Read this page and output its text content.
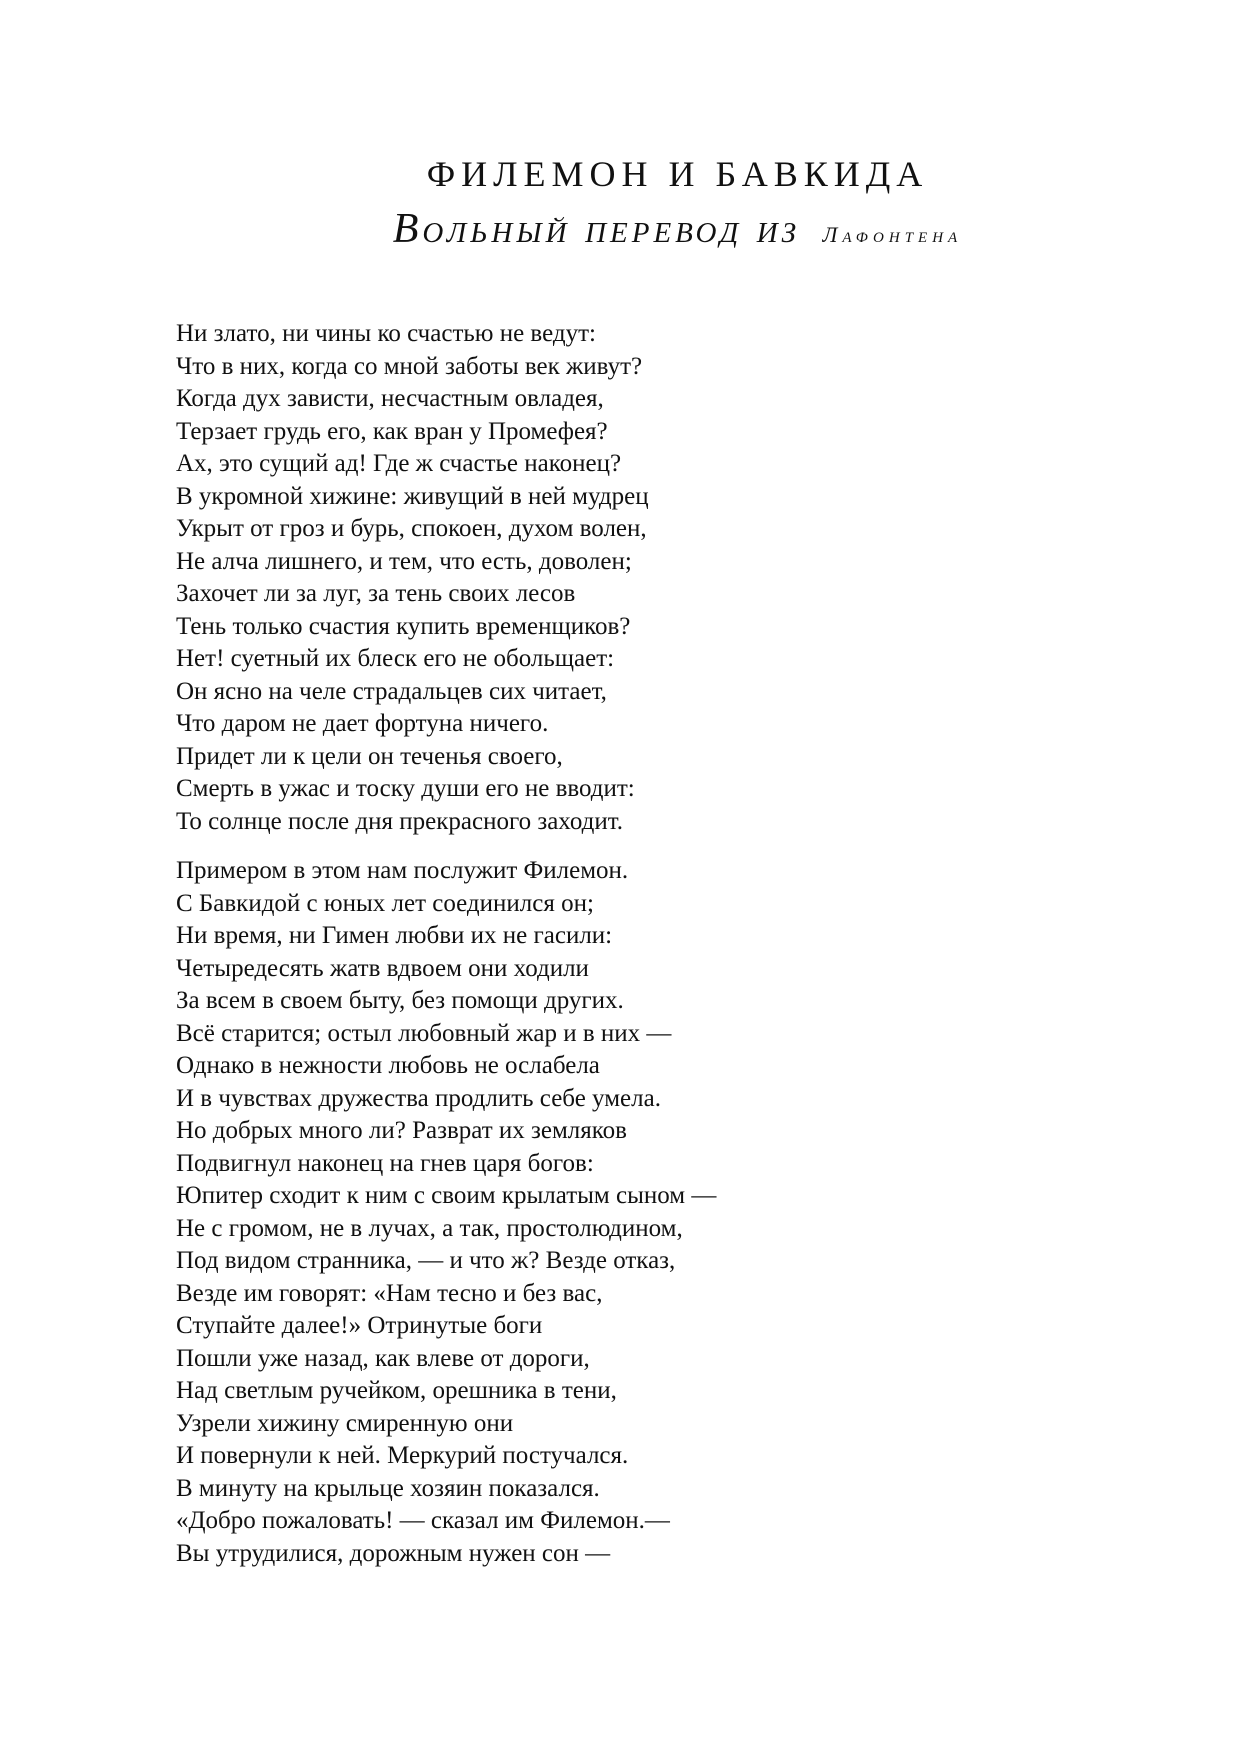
ФИЛЕМОН И БАВКИДА
Вольный перевод из Лафонтена
Ни злато, ни чины ко счастью не ведут:
Что в них, когда со мной заботы век живут?
Когда дух зависти, несчастным овладея,
Терзает грудь его, как вран у Промефея?
Ах, это сущий ад! Где ж счастье наконец?
В укромной хижине: живущий в ней мудрец
Укрыт от гроз и бурь, спокоен, духом волен,
Не алча лишнего, и тем, что есть, доволен;
Захочет ли за луг, за тень своих лесов
Тень только счастия купить временщиков?
Нет! суетный их блеск его не обольщает:
Он ясно на челе страдальцев сих читает,
Что даром не дает фортуна ничего.
Придет ли к цели он теченья своего,
Смерть в ужас и тоску души его не вводит:
То солнце после дня прекрасного заходит.
Примером в этом нам послужит Филемон.
С Бавкидой с юных лет соединился он;
Ни время, ни Гимен любви их не гасили:
Четыредесять жатв вдвоем они ходили
За всем в своем быту, без помощи других.
Всё старится; остыл любовный жар и в них —
Однако в нежности любовь не ослабела
И в чувствах дружества продлить себе умела.
Но добрых много ли? Разврат их земляков
Подвигнул наконец на гнев царя богов:
Юпитер сходит к ним с своим крылатым сыном —
Не с громом, не в лучах, а так, простолюдином,
Под видом странника, — и что ж? Везде отказ,
Везде им говорят: «Нам тесно и без вас,
Ступайте далее!» Отринутые боги
Пошли уже назад, как влеве от дороги,
Над светлым ручейком, орешника в тени,
Узрели хижину смиренную они
И повернули к ней. Меркурий постучался.
В минуту на крыльце хозяин показался.
«Добро пожаловать! — сказал им Филемон.—
Вы утрудилися, дорожным нужен сон —
